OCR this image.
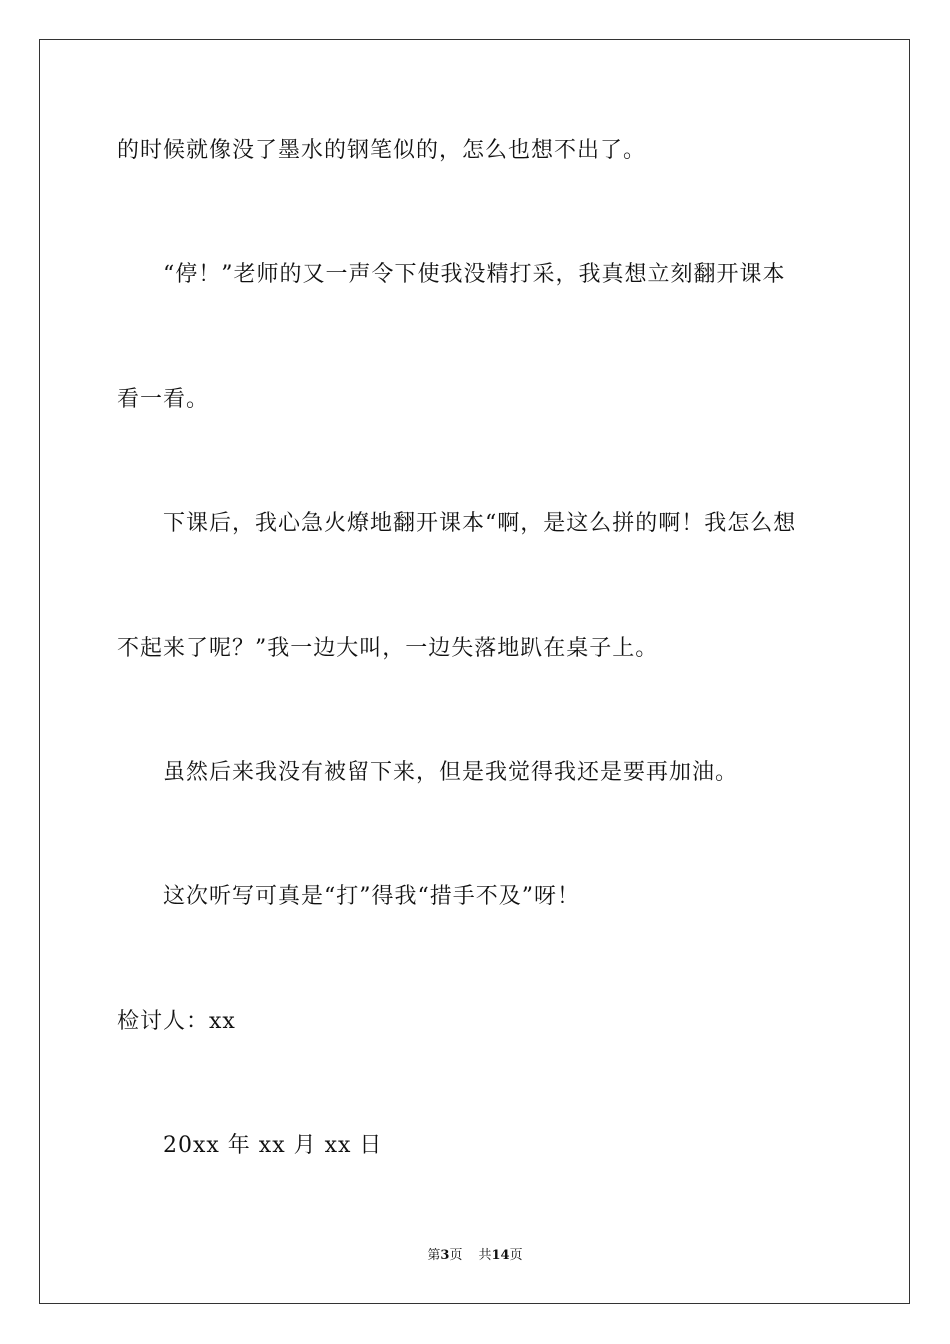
的时候就像没了墨水的钢笔似的，怎么也想不出了。
“停！”老师的又一声令下使我没精打采，我真想立刻翻开课本
看一看。
下课后，我心急火燎地翻开课本“啊，是这么拼的啊！我怎么想
不起来了呢？”我一边大叫，一边失落地趴在桌子上。
虽然后来我没有被留下来，但是我觉得我还是要再加油。
这次听写可真是“打”得我“措手不及”呀！
检讨人：xx
20xx 年 xx 月 xx 日
第3页 共14页
